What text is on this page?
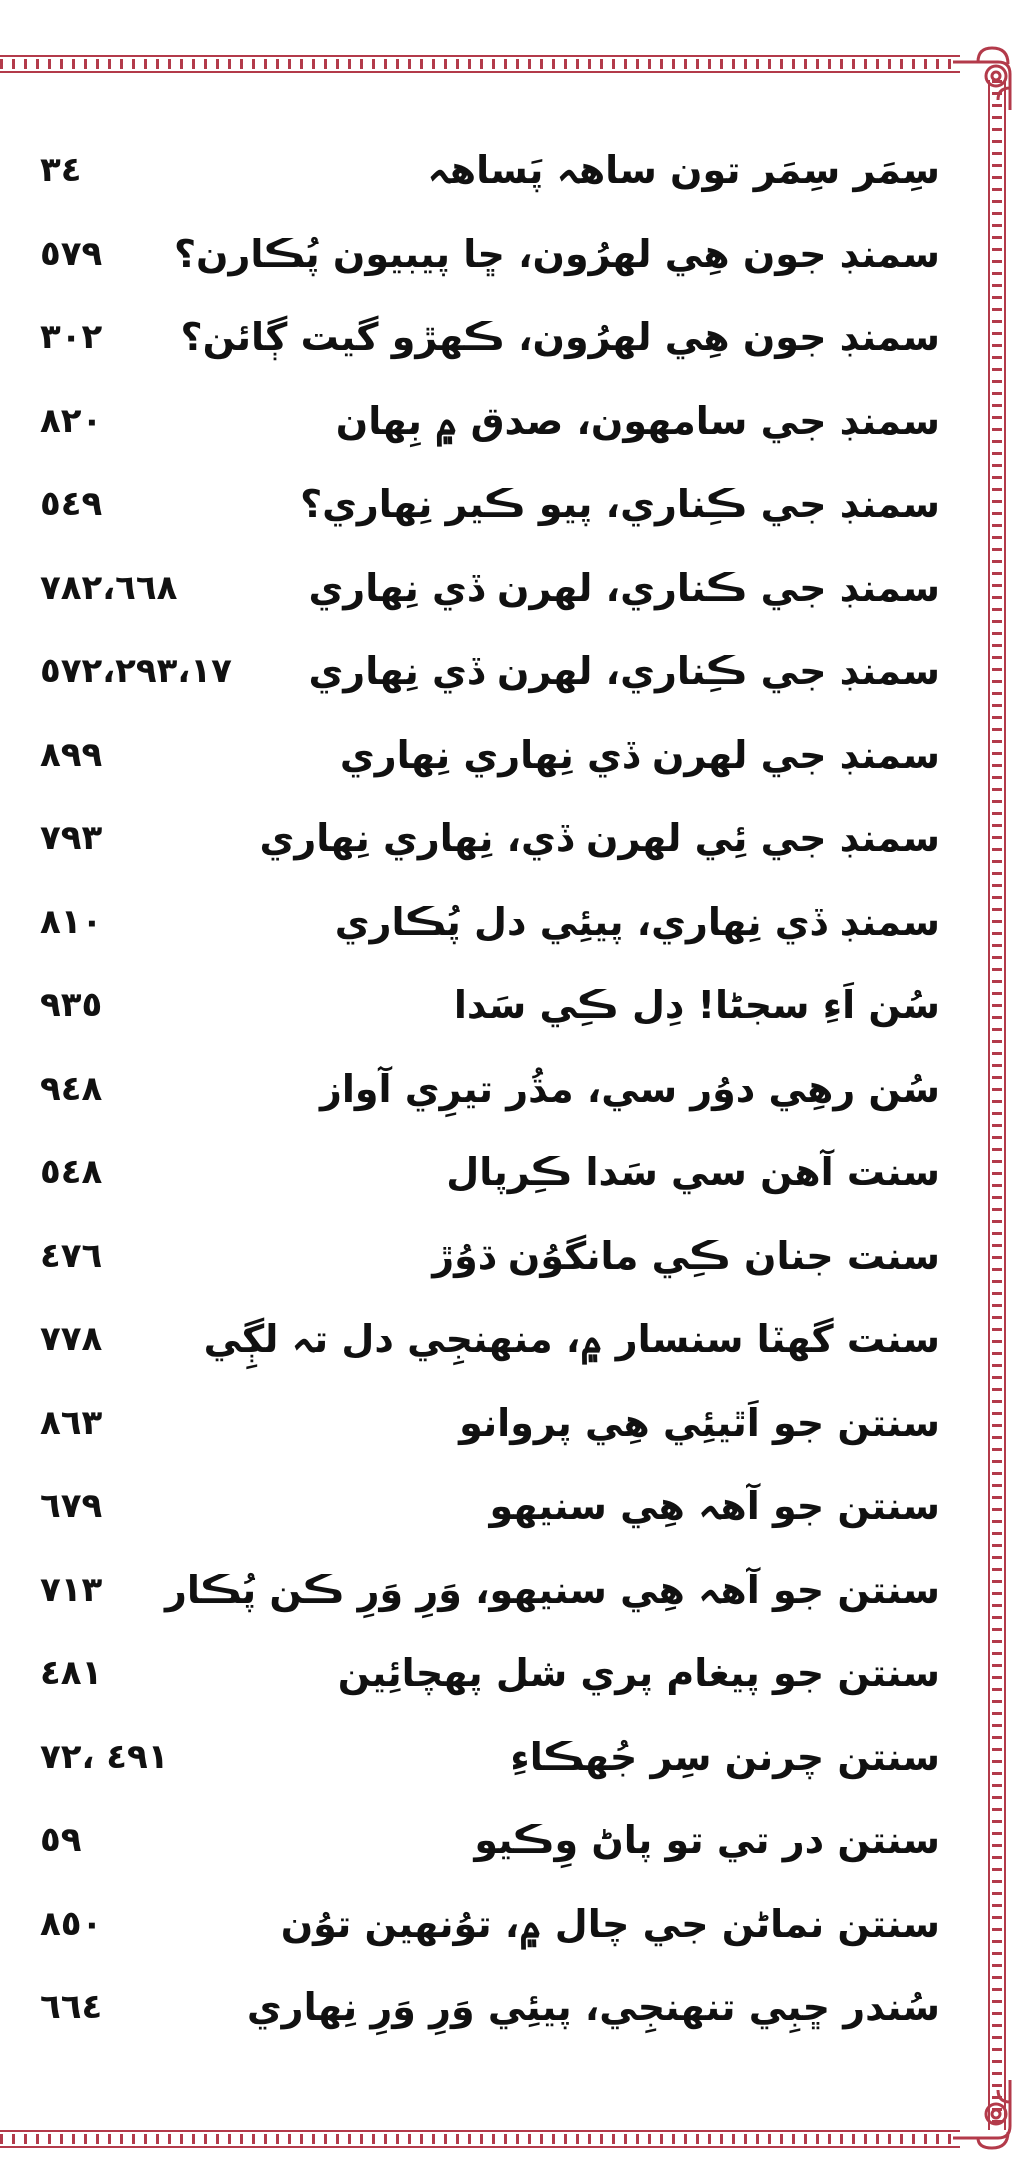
سِمَر سِمَر تون ساهہ پَساهہ
٣٤
سمنڊ جون هِي لهرُون، ڇا پيبيون پُڪارن؟
٥٧٩
سمنڊ جون هِي لهرُون، ڪهڙو گيت ڳائن؟
٣٠٢
سمنڊ جي سامهون، صدق ۾ بِهان
٨٢٠
سمنڊ جي ڪِناري، پيو ڪير نِهاري؟
٥٤٩
سمنڊ جي ڪناري، لهرن ڏي نِهاري
٧٨٢،٦٦٨
سمنڊ جي ڪِناري، لهرن ڏي نِهاري
٥٧٢،٢٩٣،١٧
سمنڊ جي لهرن ڏي نِهاري نِهاري
٨٩٩
سمنڊ جي ئِي لهرن ڏي، نِهاري نِهاري
٧٩٣
سمنڊ ڏي نِهاري، پيئِي دل پُڪاري
٨١٠
سُن اَءِ سجڻا! دِل ڪِي سَدا
٩٣٥
سُن رهِي دوُر سي، مڌُر تيرِي آواز
٩٤٨
سنت آهن سي سَدا ڪِرپال
٥٤٨
سنت جنان ڪِي مانگوُن ڌوُڙ
٤٧٦
سنت گهٽا سنسار ۾، منهنجِي دل تہ لڳِي
٧٧٨
سنتن جو اَٿيئِي هِي پروانو
٨٦٣
سنتن جو آهہ هِي سنيهو
٦٧٩
سنتن جو آهہ هِي سنيهو، وَرِ وَرِ ڪن پُڪار
٧١٣
سنتن جو پيغام پري شل پهچائِين
٤٨١
سنتن چرنن سِر جُهڪاءِ
٤٩١ ،٧٢
سنتن در تي تو پاڻ وِڪيو
٥٩
سنتن نماڻن جي چال ۾، توُنهين توُن
٨٥٠
سُندر ڇبِي تنهنجِي، پيئِي وَرِ وَرِ نِهاري
٦٦٤
